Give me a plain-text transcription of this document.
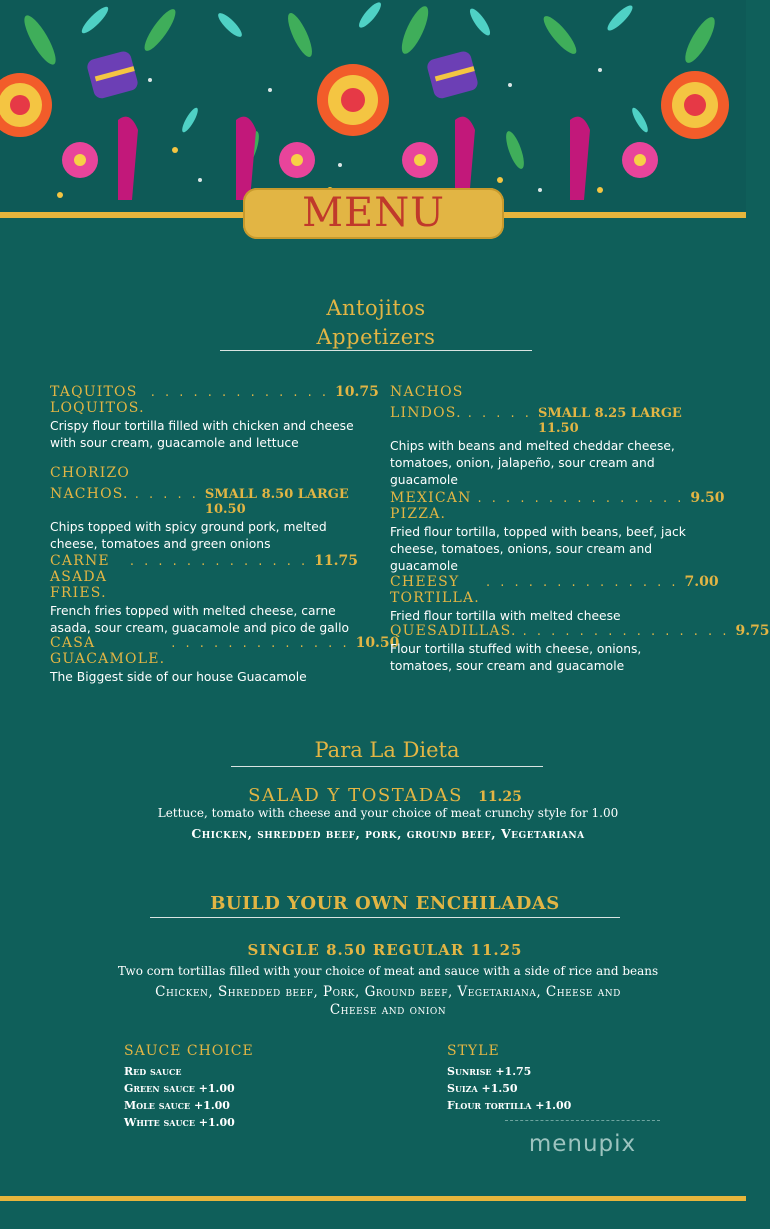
MENU
Antojitos
Appetizers
TAQUITOS LOQUITOS.
. . . . . . . . . . . . . 10.75
Crispy flour tortilla filled with chicken and cheese with sour cream, guacamole and lettuce
CHORIZO
NACHOS. . . . . . SMALL 8.50 LARGE 10.50
Chips topped with spicy ground pork, melted cheese, tomatoes and green onions
CARNE ASADA FRIES.
. . . . . . . . . . . . . 11.75
French fries topped with melted cheese, carne asada, sour cream, guacamole and pico de gallo
CASA GUACAMOLE.
. . . . . . . . . . . . . 10.50
The Biggest side of our house Guacamole
NACHOS
LINDOS. . . . . . SMALL 8.25 LARGE 11.50
Chips with beans and melted cheddar cheese, tomatoes, onion, jalapeño, sour cream and guacamole
MEXICAN PIZZA.
. . . . . . . . . . . . . . . 9.50
Fried flour tortilla, topped with beans, beef, jack cheese, tomatoes, onions, sour cream and guacamole
CHEESY TORTILLA.
. . . . . . . . . . . . . . 7.00
Fried flour tortilla with melted cheese
QUESADILLAS. . . . . . . . . . . . . . . . 9.75
Flour tortilla stuffed with cheese, onions, tomatoes, sour cream and guacamole
Para La Dieta
SALAD Y TOSTADAS 11.25
Lettuce, tomato with cheese and your choice of meat crunchy style for 1.00
Chicken, shredded beef, pork, ground beef, Vegetariana
BUILD YOUR OWN ENCHILADAS
SINGLE 8.50 REGULAR 11.25
Two corn tortillas filled with your choice of meat and sauce with a side of rice and beans
Chicken, Shredded beef, Pork, Ground beef, Vegetariana, Cheese and
Cheese and onion
SAUCE CHOICE
Red sauce
Green sauce +1.00
Mole sauce +1.00
White sauce +1.00
STYLE
Sunrise +1.75
Suiza +1.50
Flour tortilla +1.00
menupix
